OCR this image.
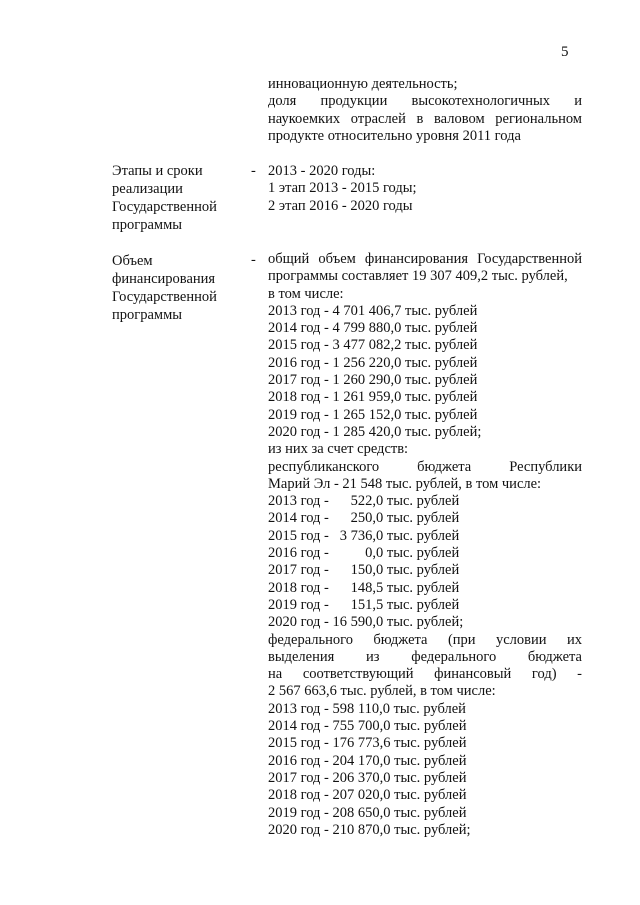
5
инновационную деятельность;
доля продукции высокотехнологичных и
наукоемких отраслей в валовом региональном
продукте относительно уровня 2011 года
Этапы и сроки
реализации
Государственной
программы
- 2013 - 2020 годы:
1 этап 2013 - 2015 годы;
2 этап 2016 - 2020 годы
Объем
финансирования
Государственной
программы
- общий объем финансирования Государственной
программы составляет 19 307 409,2 тыс. рублей,
в том числе:
2013 год - 4 701 406,7 тыс. рублей
2014 год - 4 799 880,0 тыс. рублей
2015 год - 3 477 082,2 тыс. рублей
2016 год - 1 256 220,0 тыс. рублей
2017 год - 1 260 290,0 тыс. рублей
2018 год - 1 261 959,0 тыс. рублей
2019 год - 1 265 152,0 тыс. рублей
2020 год - 1 285 420,0 тыс. рублей;
из них за счет средств:
республиканского бюджета Республики
Марий Эл - 21 548 тыс. рублей, в том числе:
2013 год -      522,0 тыс. рублей
2014 год -      250,0 тыс. рублей
2015 год -   3 736,0 тыс. рублей
2016 год -          0,0 тыс. рублей
2017 год -      150,0 тыс. рублей
2018 год -      148,5 тыс. рублей
2019 год -      151,5 тыс. рублей
2020 год - 16 590,0 тыс. рублей;
федерального бюджета (при условии их
выделения из федерального бюджета
на соответствующий финансовый год) -
2 567 663,6 тыс. рублей, в том числе:
2013 год - 598 110,0 тыс. рублей
2014 год - 755 700,0 тыс. рублей
2015 год - 176 773,6 тыс. рублей
2016 год - 204 170,0 тыс. рублей
2017 год - 206 370,0 тыс. рублей
2018 год - 207 020,0 тыс. рублей
2019 год - 208 650,0 тыс. рублей
2020 год - 210 870,0 тыс. рублей;
